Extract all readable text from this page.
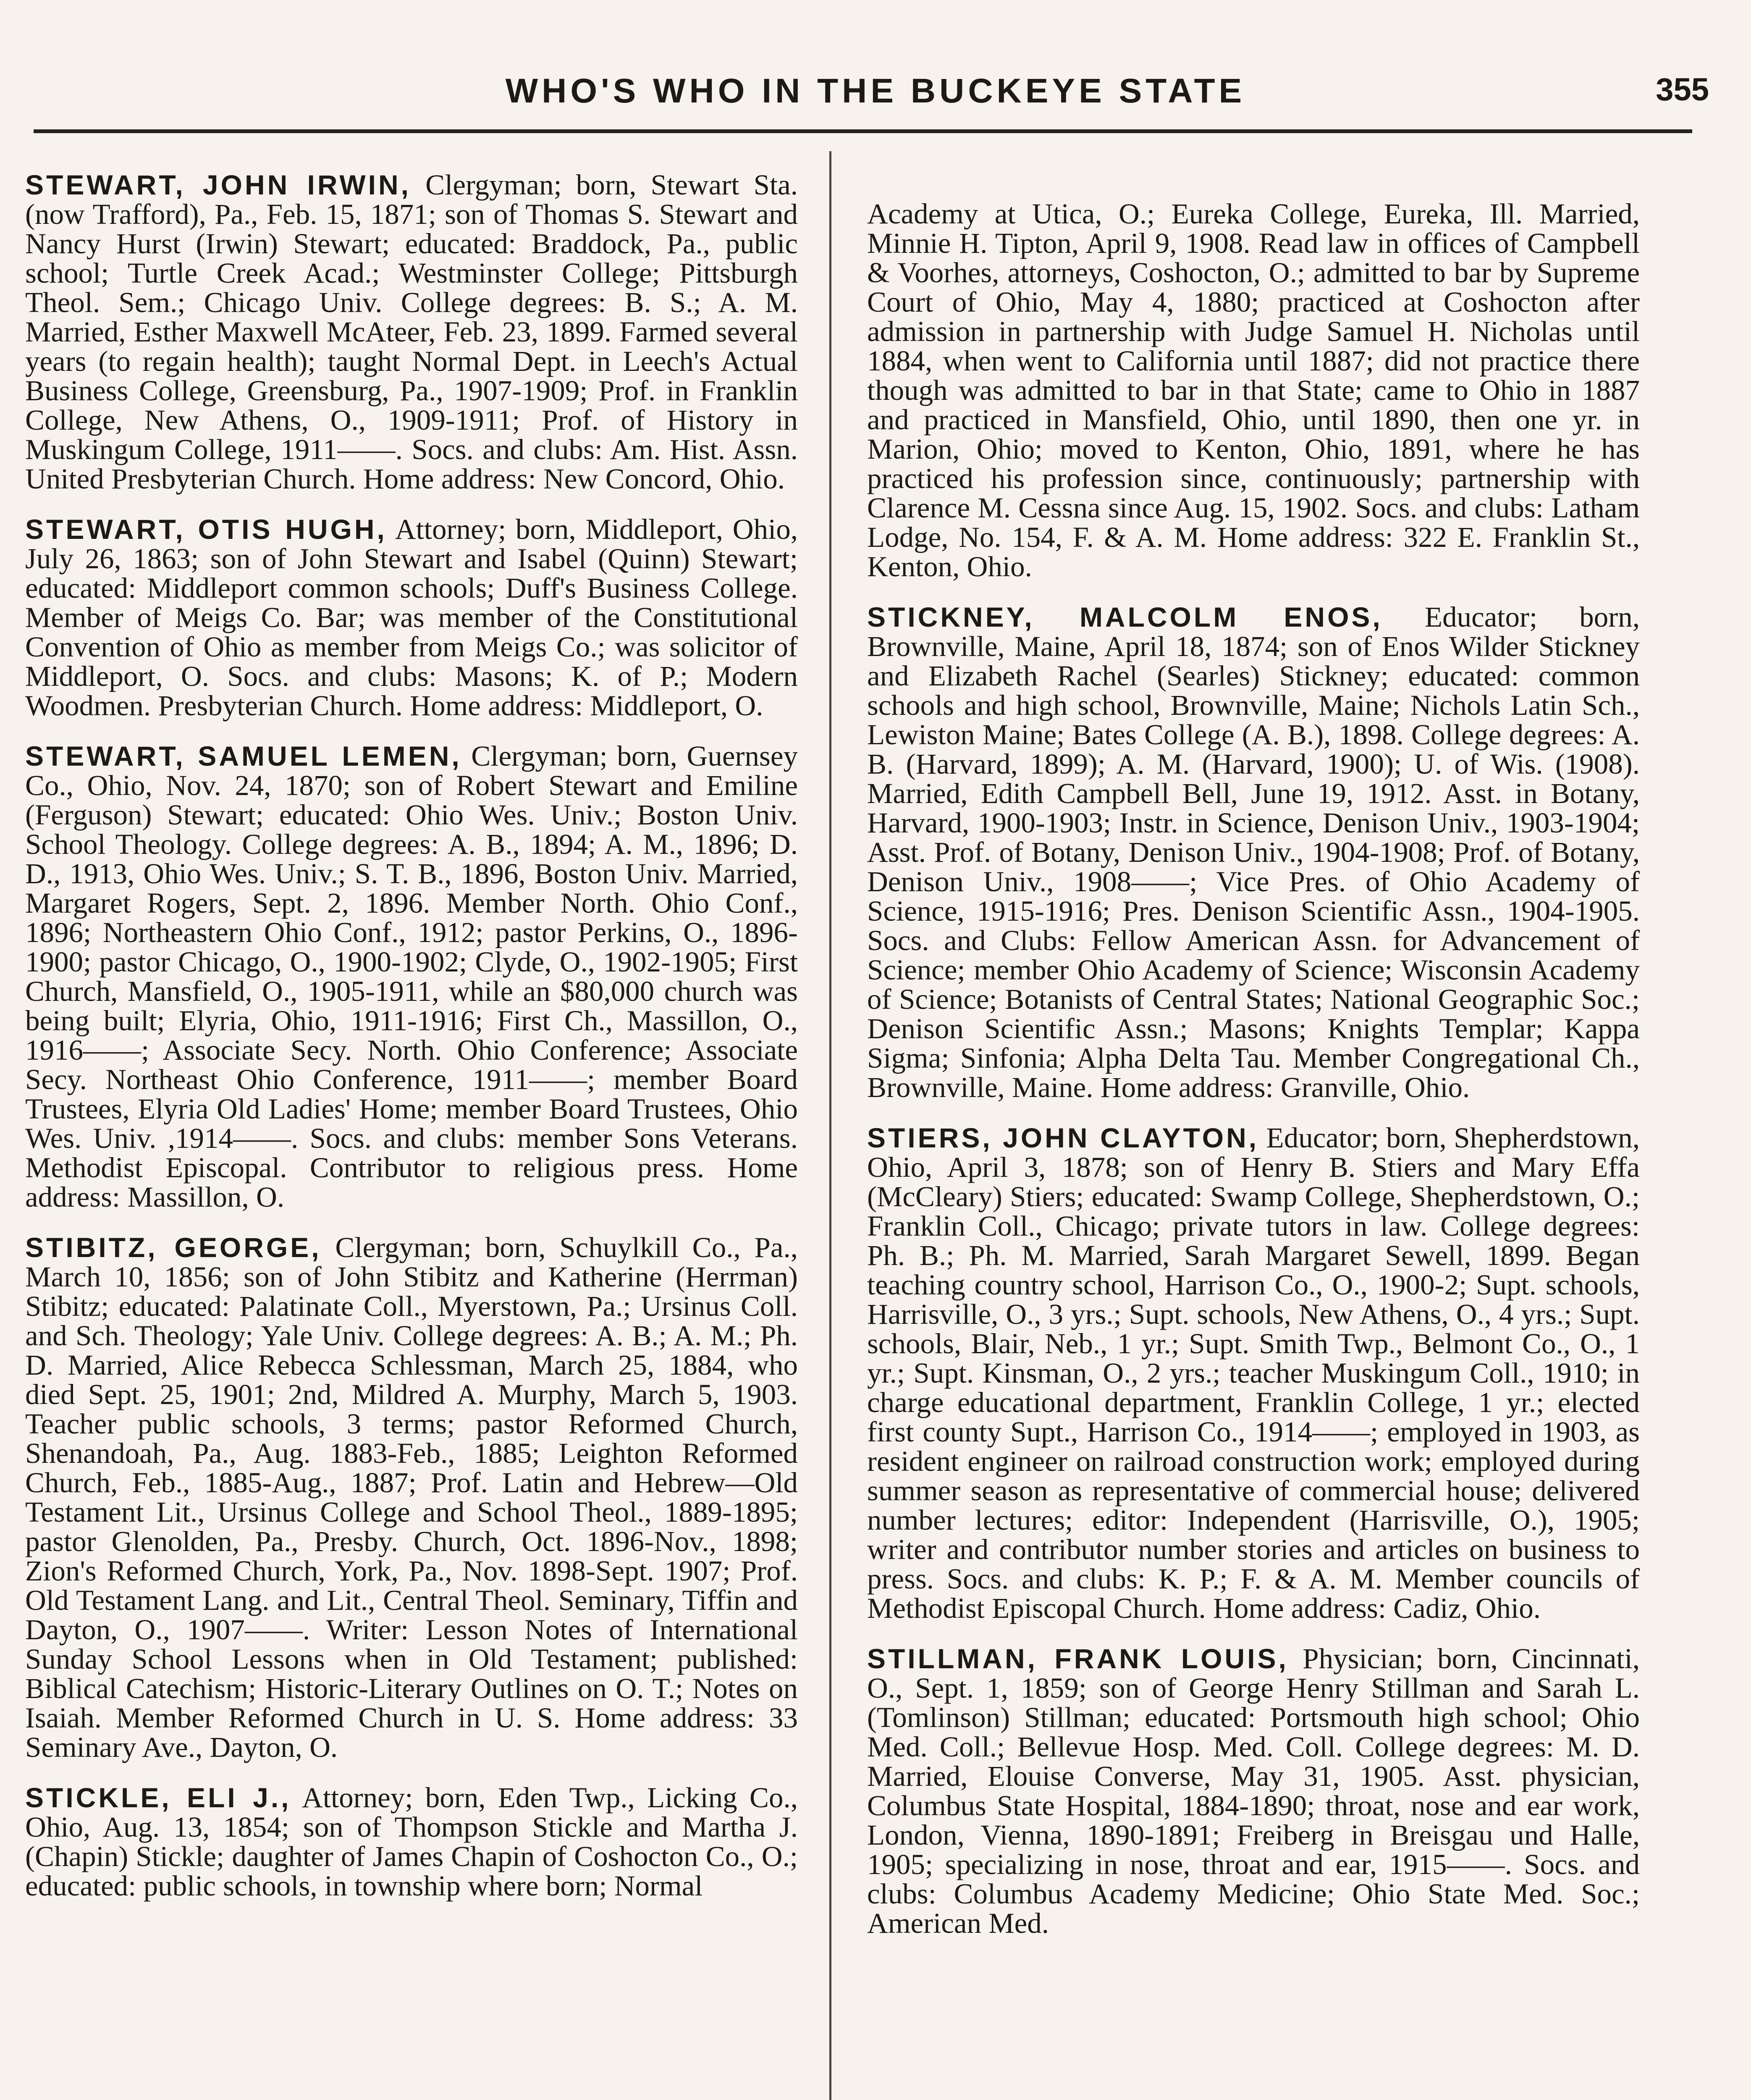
WHO'S WHO IN THE BUCKEYE STATE	355

STEWART, JOHN IRWIN, Clergyman; born, Stewart Sta. (now Trafford), Pa., Feb. 15, 1871; son of Thomas S. Stewart and Nancy Hurst (Irwin) Stewart; educated: Braddock, Pa., public school; Turtle Creek Acad.; Westminster College; Pittsburgh Theol. Sem.; Chicago Univ. College degrees: B. S.; A. M. Married, Esther Maxwell McAteer, Feb. 23, 1899. Farmed several years (to regain health); taught Normal Dept. in Leech's Actual Business College, Greensburg, Pa., 1907-1909; Prof. in Franklin College, New Athens, O., 1909-1911; Prof. of History in Muskingum College, 1911——. Socs. and clubs: Am. Hist. Assn. United Presbyterian Church. Home address: New Concord, Ohio.

STEWART, OTIS HUGH, Attorney; born, Middleport, Ohio, July 26, 1863; son of John Stewart and Isabel (Quinn) Stewart; educated: Middleport common schools; Duff's Business College. Member of Meigs Co. Bar; was member of the Constitutional Convention of Ohio as member from Meigs Co.; was solicitor of Middleport, O. Socs. and clubs: Masons; K. of P.; Modern Woodmen. Presbyterian Church. Home address: Middleport, O.

STEWART, SAMUEL LEMEN, Clergyman; born, Guernsey Co., Ohio, Nov. 24, 1870; son of Robert Stewart and Emiline (Ferguson) Stewart; educated: Ohio Wes. Univ.; Boston Univ. School Theology. College degrees: A. B., 1894; A. M., 1896; D. D., 1913, Ohio Wes. Univ.; S. T. B., 1896, Boston Univ. Married, Margaret Rogers, Sept. 2, 1896. Member North. Ohio Conf., 1896; Northeastern Ohio Conf., 1912; pastor Perkins, O., 1896-1900; pastor Chicago, O., 1900-1902; Clyde, O., 1902-1905; First Church, Mansfield, O., 1905-1911, while an $80,000 church was being built; Elyria, Ohio, 1911-1916; First Ch., Massillon, O., 1916——; Associate Secy. North. Ohio Conference; Associate Secy. Northeast Ohio Conference, 1911——; member Board Trustees, Elyria Old Ladies' Home; member Board Trustees, Ohio Wes. Univ. ,1914——. Socs. and clubs: member Sons Veterans. Methodist Episcopal. Contributor to religious press. Home address: Massillon, O.

STIBITZ, GEORGE, Clergyman; born, Schuylkill Co., Pa., March 10, 1856; son of John Stibitz and Katherine (Herrman) Stibitz; educated: Palatinate Coll., Myerstown, Pa.; Ursinus Coll. and Sch. Theology; Yale Univ. College degrees: A. B.; A. M.; Ph. D. Married, Alice Rebecca Schlessman, March 25, 1884, who died Sept. 25, 1901; 2nd, Mildred A. Murphy, March 5, 1903. Teacher public schools, 3 terms; pastor Reformed Church, Shenandoah, Pa., Aug. 1883-Feb., 1885; Leighton Reformed Church, Feb., 1885-Aug., 1887; Prof. Latin and Hebrew—Old Testament Lit., Ursinus College and School Theol., 1889-1895; pastor Glenolden, Pa., Presby. Church, Oct. 1896-Nov., 1898; Zion's Reformed Church, York, Pa., Nov. 1898-Sept. 1907; Prof. Old Testament Lang. and Lit., Central Theol. Seminary, Tiffin and Dayton, O., 1907——. Writer: Lesson Notes of International Sunday School Lessons when in Old Testament; published: Biblical Catechism; Historic-Literary Outlines on O. T.; Notes on Isaiah. Member Reformed Church in U. S. Home address: 33 Seminary Ave., Dayton, O.

STICKLE, ELI J., Attorney; born, Eden Twp., Licking Co., Ohio, Aug. 13, 1854; son of Thompson Stickle and Martha J. (Chapin) Stickle; daughter of James Chapin of Coshocton Co., O.; educated: public schools, in township where born; Normal

Academy at Utica, O.; Eureka College, Eureka, Ill. Married, Minnie H. Tipton, April 9, 1908. Read law in offices of Campbell & Voorhes, attorneys, Coshocton, O.; admitted to bar by Supreme Court of Ohio, May 4, 1880; practiced at Coshocton after admission in partnership with Judge Samuel H. Nicholas until 1884, when went to California until 1887; did not practice there though was admitted to bar in that State; came to Ohio in 1887 and practiced in Mansfield, Ohio, until 1890, then one yr. in Marion, Ohio; moved to Kenton, Ohio, 1891, where he has practiced his profession since, continuously; partnership with Clarence M. Cessna since Aug. 15, 1902. Socs. and clubs: Latham Lodge, No. 154, F. & A. M. Home address: 322 E. Franklin St., Kenton, Ohio.

STICKNEY, MALCOLM ENOS, Educator; born, Brownville, Maine, April 18, 1874; son of Enos Wilder Stickney and Elizabeth Rachel (Searles) Stickney; educated: common schools and high school, Brownville, Maine; Nichols Latin Sch., Lewiston Maine; Bates College (A. B.), 1898. College degrees: A. B. (Harvard, 1899); A. M. (Harvard, 1900); U. of Wis. (1908). Married, Edith Campbell Bell, June 19, 1912. Asst. in Botany, Harvard, 1900-1903; Instr. in Science, Denison Univ., 1903-1904; Asst. Prof. of Botany, Denison Univ., 1904-1908; Prof. of Botany, Denison Univ., 1908——; Vice Pres. of Ohio Academy of Science, 1915-1916; Pres. Denison Scientific Assn., 1904-1905. Socs. and Clubs: Fellow American Assn. for Advancement of Science; member Ohio Academy of Science; Wisconsin Academy of Science; Botanists of Central States; National Geographic Soc.; Denison Scientific Assn.; Masons; Knights Templar; Kappa Sigma; Sinfonia; Alpha Delta Tau. Member Congregational Ch., Brownville, Maine. Home address: Granville, Ohio.

STIERS, JOHN CLAYTON, Educator; born, Shepherdstown, Ohio, April 3, 1878; son of Henry B. Stiers and Mary Effa (McCleary) Stiers; educated: Swamp College, Shepherdstown, O.; Franklin Coll., Chicago; private tutors in law. College degrees: Ph. B.; Ph. M. Married, Sarah Margaret Sewell, 1899. Began teaching country school, Harrison Co., O., 1900-2; Supt. schools, Harrisville, O., 3 yrs.; Supt. schools, New Athens, O., 4 yrs.; Supt. schools, Blair, Neb., 1 yr.; Supt. Smith Twp., Belmont Co., O., 1 yr.; Supt. Kinsman, O., 2 yrs.; teacher Muskingum Coll., 1910; in charge educational department, Franklin College, 1 yr.; elected first county Supt., Harrison Co., 1914——; employed in 1903, as resident engineer on railroad construction work; employed during summer season as representative of commercial house; delivered number lectures; editor: Independent (Harrisville, O.), 1905; writer and contributor number stories and articles on business to press. Socs. and clubs: K. P.; F. & A. M. Member councils of Methodist Episcopal Church. Home address: Cadiz, Ohio.

STILLMAN, FRANK LOUIS, Physician; born, Cincinnati, O., Sept. 1, 1859; son of George Henry Stillman and Sarah L. (Tomlinson) Stillman; educated: Portsmouth high school; Ohio Med. Coll.; Bellevue Hosp. Med. Coll. College degrees: M. D. Married, Elouise Converse, May 31, 1905. Asst. physician, Columbus State Hospital, 1884-1890; throat, nose and ear work, London, Vienna, 1890-1891; Freiberg in Breisgau und Halle, 1905; specializing in nose, throat and ear, 1915——. Socs. and clubs: Columbus Academy Medicine; Ohio State Med. Soc.; American Med.
